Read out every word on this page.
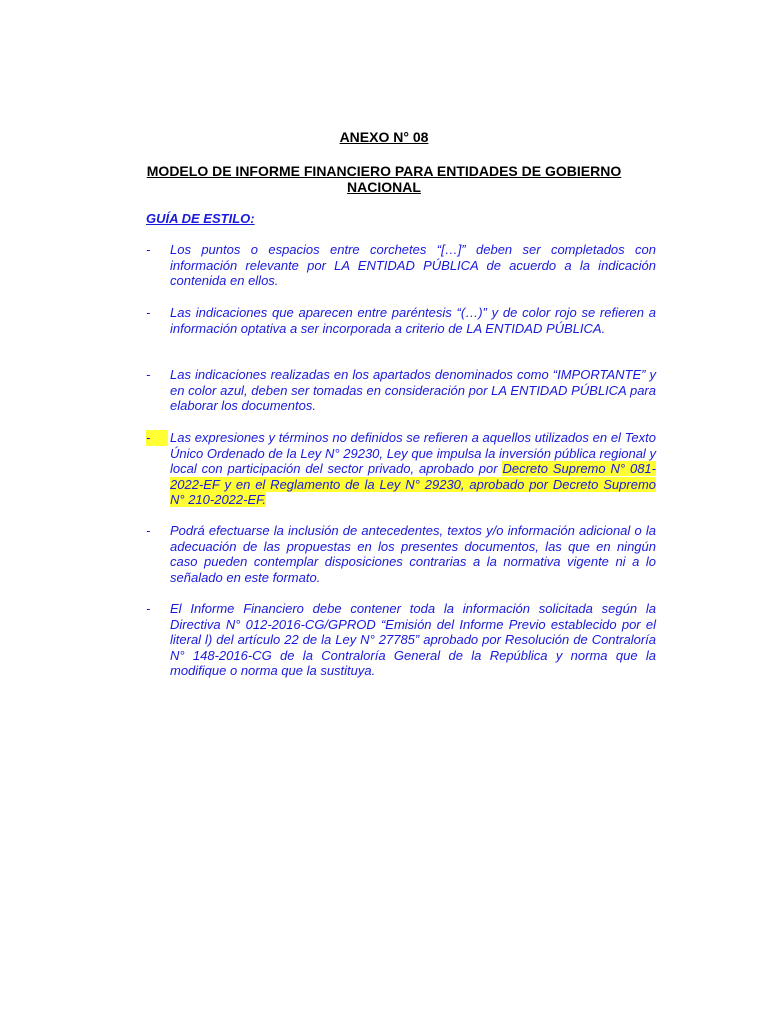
ANEXO N° 08
MODELO DE INFORME FINANCIERO PARA ENTIDADES DE GOBIERNO NACIONAL
GUÍA DE ESTILO:
-	Los puntos o espacios entre corchetes “[…]” deben ser completados con información relevante por LA ENTIDAD PÚBLICA de acuerdo a la indicación contenida en ellos.
-	Las indicaciones que aparecen entre paréntesis “(…)” y de color rojo se refieren a información optativa a ser incorporada a criterio de LA ENTIDAD PÚBLICA.
-	Las indicaciones realizadas en los apartados denominados como “IMPORTANTE” y en color azul, deben ser tomadas en consideración por LA ENTIDAD PÚBLICA para elaborar los documentos.
-	Las expresiones y términos no definidos se refieren a aquellos utilizados en el Texto Único Ordenado de la Ley N° 29230, Ley que impulsa la inversión pública regional y local con participación del sector privado, aprobado por Decreto Supremo N° 081-2022-EF y en el Reglamento de la Ley N° 29230, aprobado por Decreto Supremo N° 210-2022-EF.
-	Podrá efectuarse la inclusión de antecedentes, textos y/o información adicional o la adecuación de las propuestas en los presentes documentos, las que en ningún caso pueden contemplar disposiciones contrarias a la normativa vigente ni a lo señalado en este formato.
-	El Informe Financiero debe contener toda la información solicitada según la Directiva N° 012-2016-CG/GPROD “Emisión del Informe Previo establecido por el literal l) del artículo 22 de la Ley N° 27785” aprobado por Resolución de Contraloría N° 148-2016-CG de la Contraloría General de la República y norma que la modifique o norma que la sustituya.
